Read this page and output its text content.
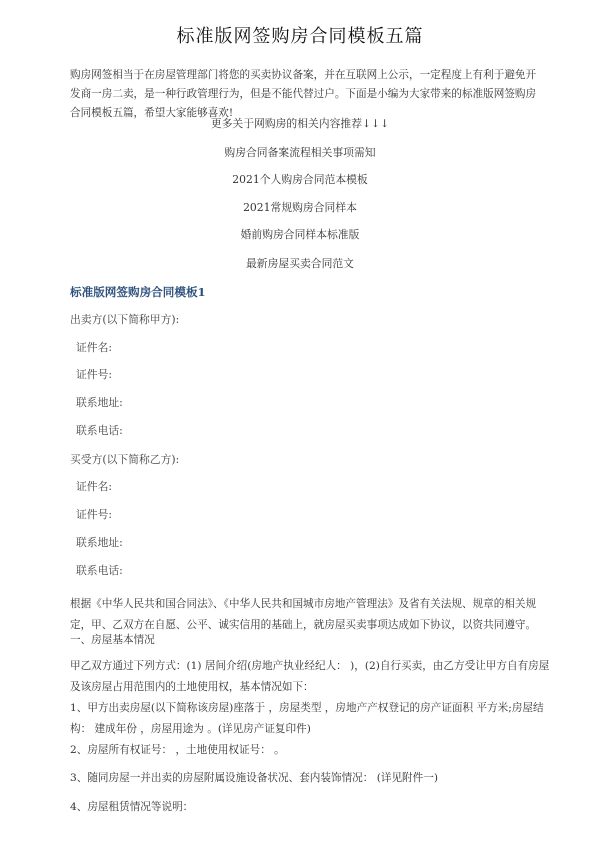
标准版网签购房合同模板五篇
购房网签相当于在房屋管理部门将您的买卖协议备案，并在互联网上公示，一定程度上有利于避免开发商一房二卖，是一种行政管理行为，但是不能代替过户。下面是小编为大家带来的标准版网签购房合同模板五篇，希望大家能够喜欢!
更多关于网购房的相关内容推荐↓↓↓
购房合同备案流程相关事项需知
2021个人购房合同范本模板
2021常规购房合同样本
婚前购房合同样本标准版
最新房屋买卖合同范文
标准版网签购房合同模板1
出卖方(以下简称甲方):
证件名:
证件号:
联系地址:
联系电话:
买受方(以下简称乙方):
证件名:
证件号:
联系地址:
联系电话:
根据《中华人民共和国合同法》、《中华人民共和国城市房地产管理法》及省有关法规、规章的相关规定，甲、乙双方在自愿、公平、诚实信用的基础上，就房屋买卖事项达成如下协议，以资共同遵守。
一、房屋基本情况
甲乙双方通过下列方式：(1) 居间介绍(房地产执业经纪人： )，(2)自行买卖，由乙方受让甲方自有房屋及该房屋占用范围内的土地使用权，基本情况如下：
1、甲方出卖房屋(以下简称该房屋)座落于 ，房屋类型 ，房地产产权登记的房产证面积 平方米;房屋结构： 建成年份 ，房屋用途为 。(详见房产证复印件)
2、房屋所有权证号： ，土地使用权证号： 。
3、随同房屋一并出卖的房屋附属设施设备状况、套内装饰情况： (详见附件一)
4、房屋租赁情况等说明：
